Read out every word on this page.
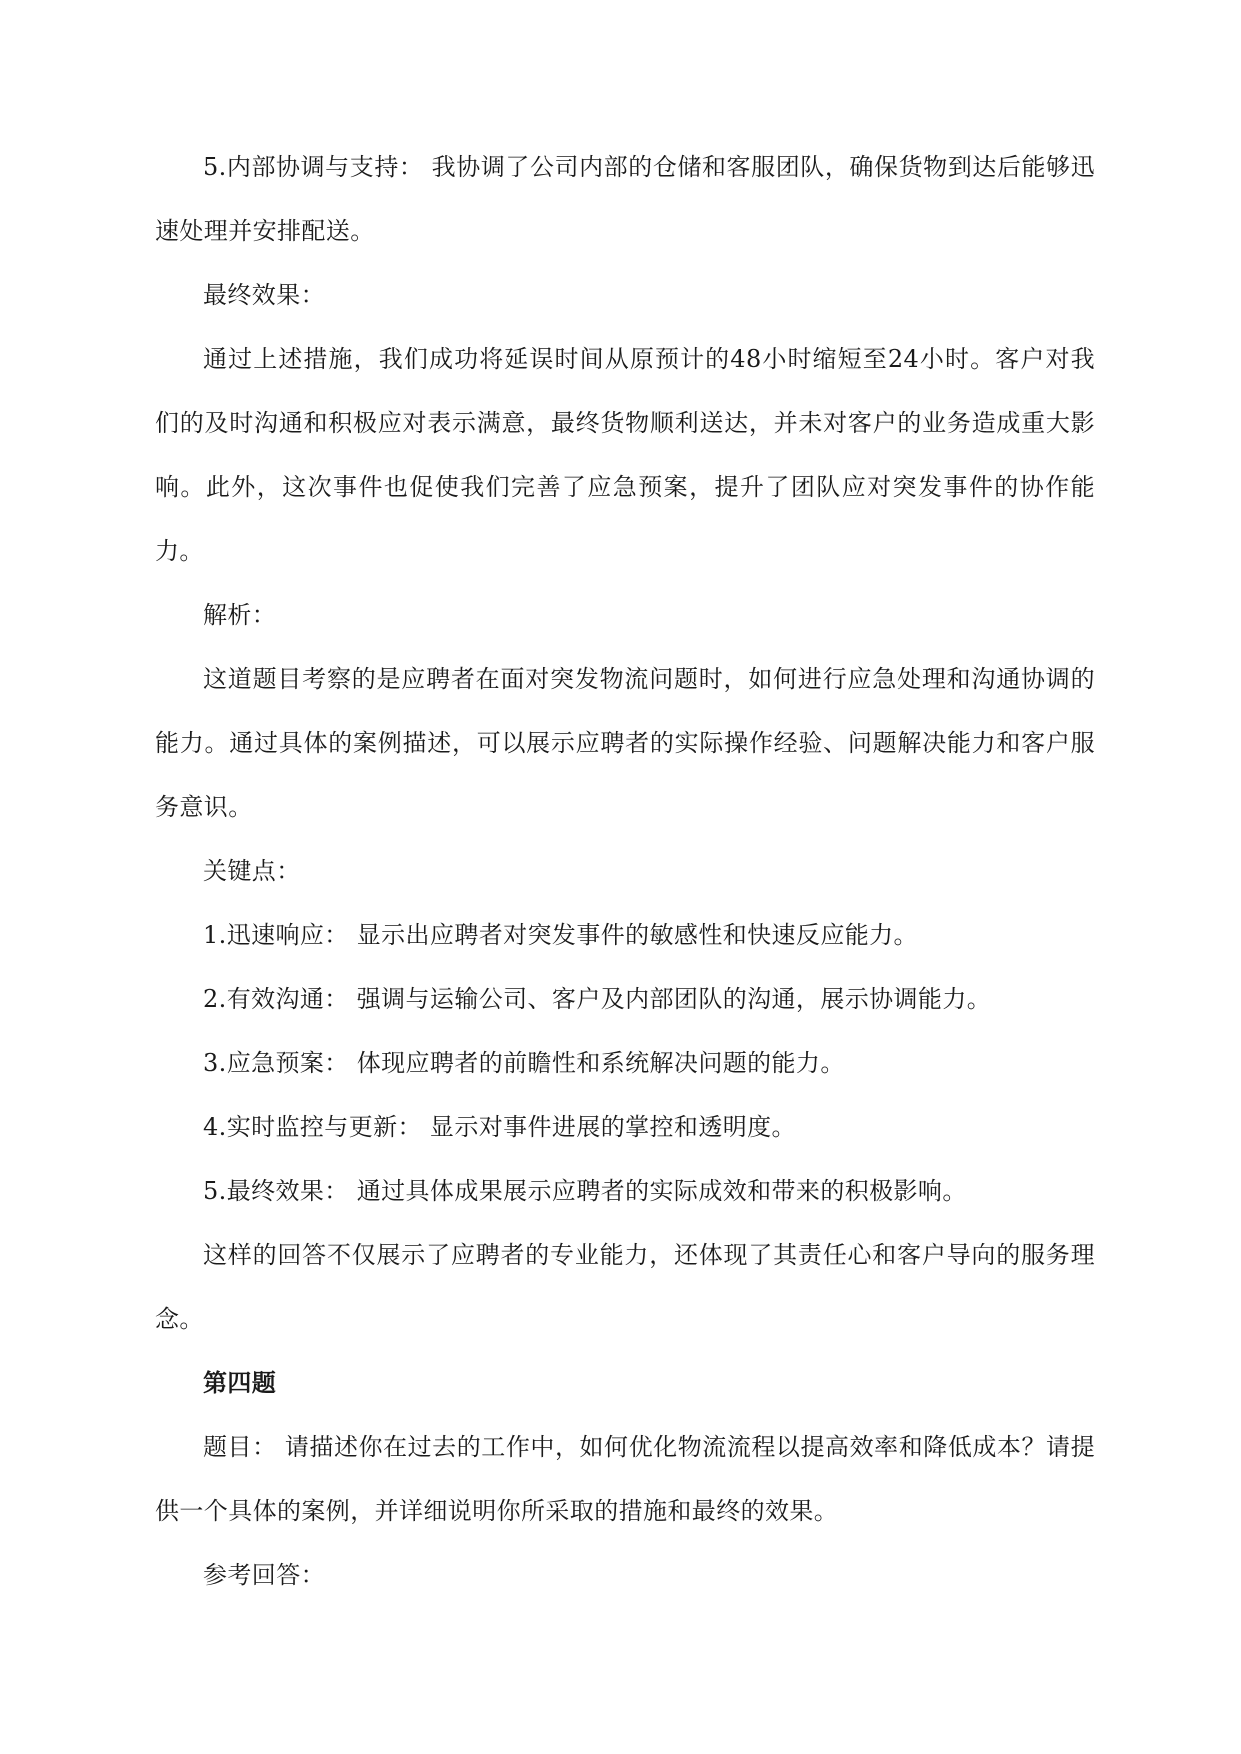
5.内部协调与支持： 我协调了公司内部的仓储和客服团队，确保货物到达后能够迅速处理并安排配送。

最终效果：

通过上述措施，我们成功将延误时间从原预计的48小时缩短至24小时。客户对我们的及时沟通和积极应对表示满意，最终货物顺利送达，并未对客户的业务造成重大影响。此外，这次事件也促使我们完善了应急预案，提升了团队应对突发事件的协作能力。

解析：

这道题目考察的是应聘者在面对突发物流问题时，如何进行应急处理和沟通协调的能力。通过具体的案例描述，可以展示应聘者的实际操作经验、问题解决能力和客户服务意识。

关键点：

1.迅速响应： 显示出应聘者对突发事件的敏感性和快速反应能力。

2.有效沟通： 强调与运输公司、客户及内部团队的沟通，展示协调能力。

3.应急预案： 体现应聘者的前瞻性和系统解决问题的能力。

4.实时监控与更新： 显示对事件进展的掌控和透明度。

5.最终效果： 通过具体成果展示应聘者的实际成效和带来的积极影响。

这样的回答不仅展示了应聘者的专业能力，还体现了其责任心和客户导向的服务理念。

第四题

题目： 请描述你在过去的工作中，如何优化物流流程以提高效率和降低成本？请提供一个具体的案例，并详细说明你所采取的措施和最终的效果。

参考回答：
